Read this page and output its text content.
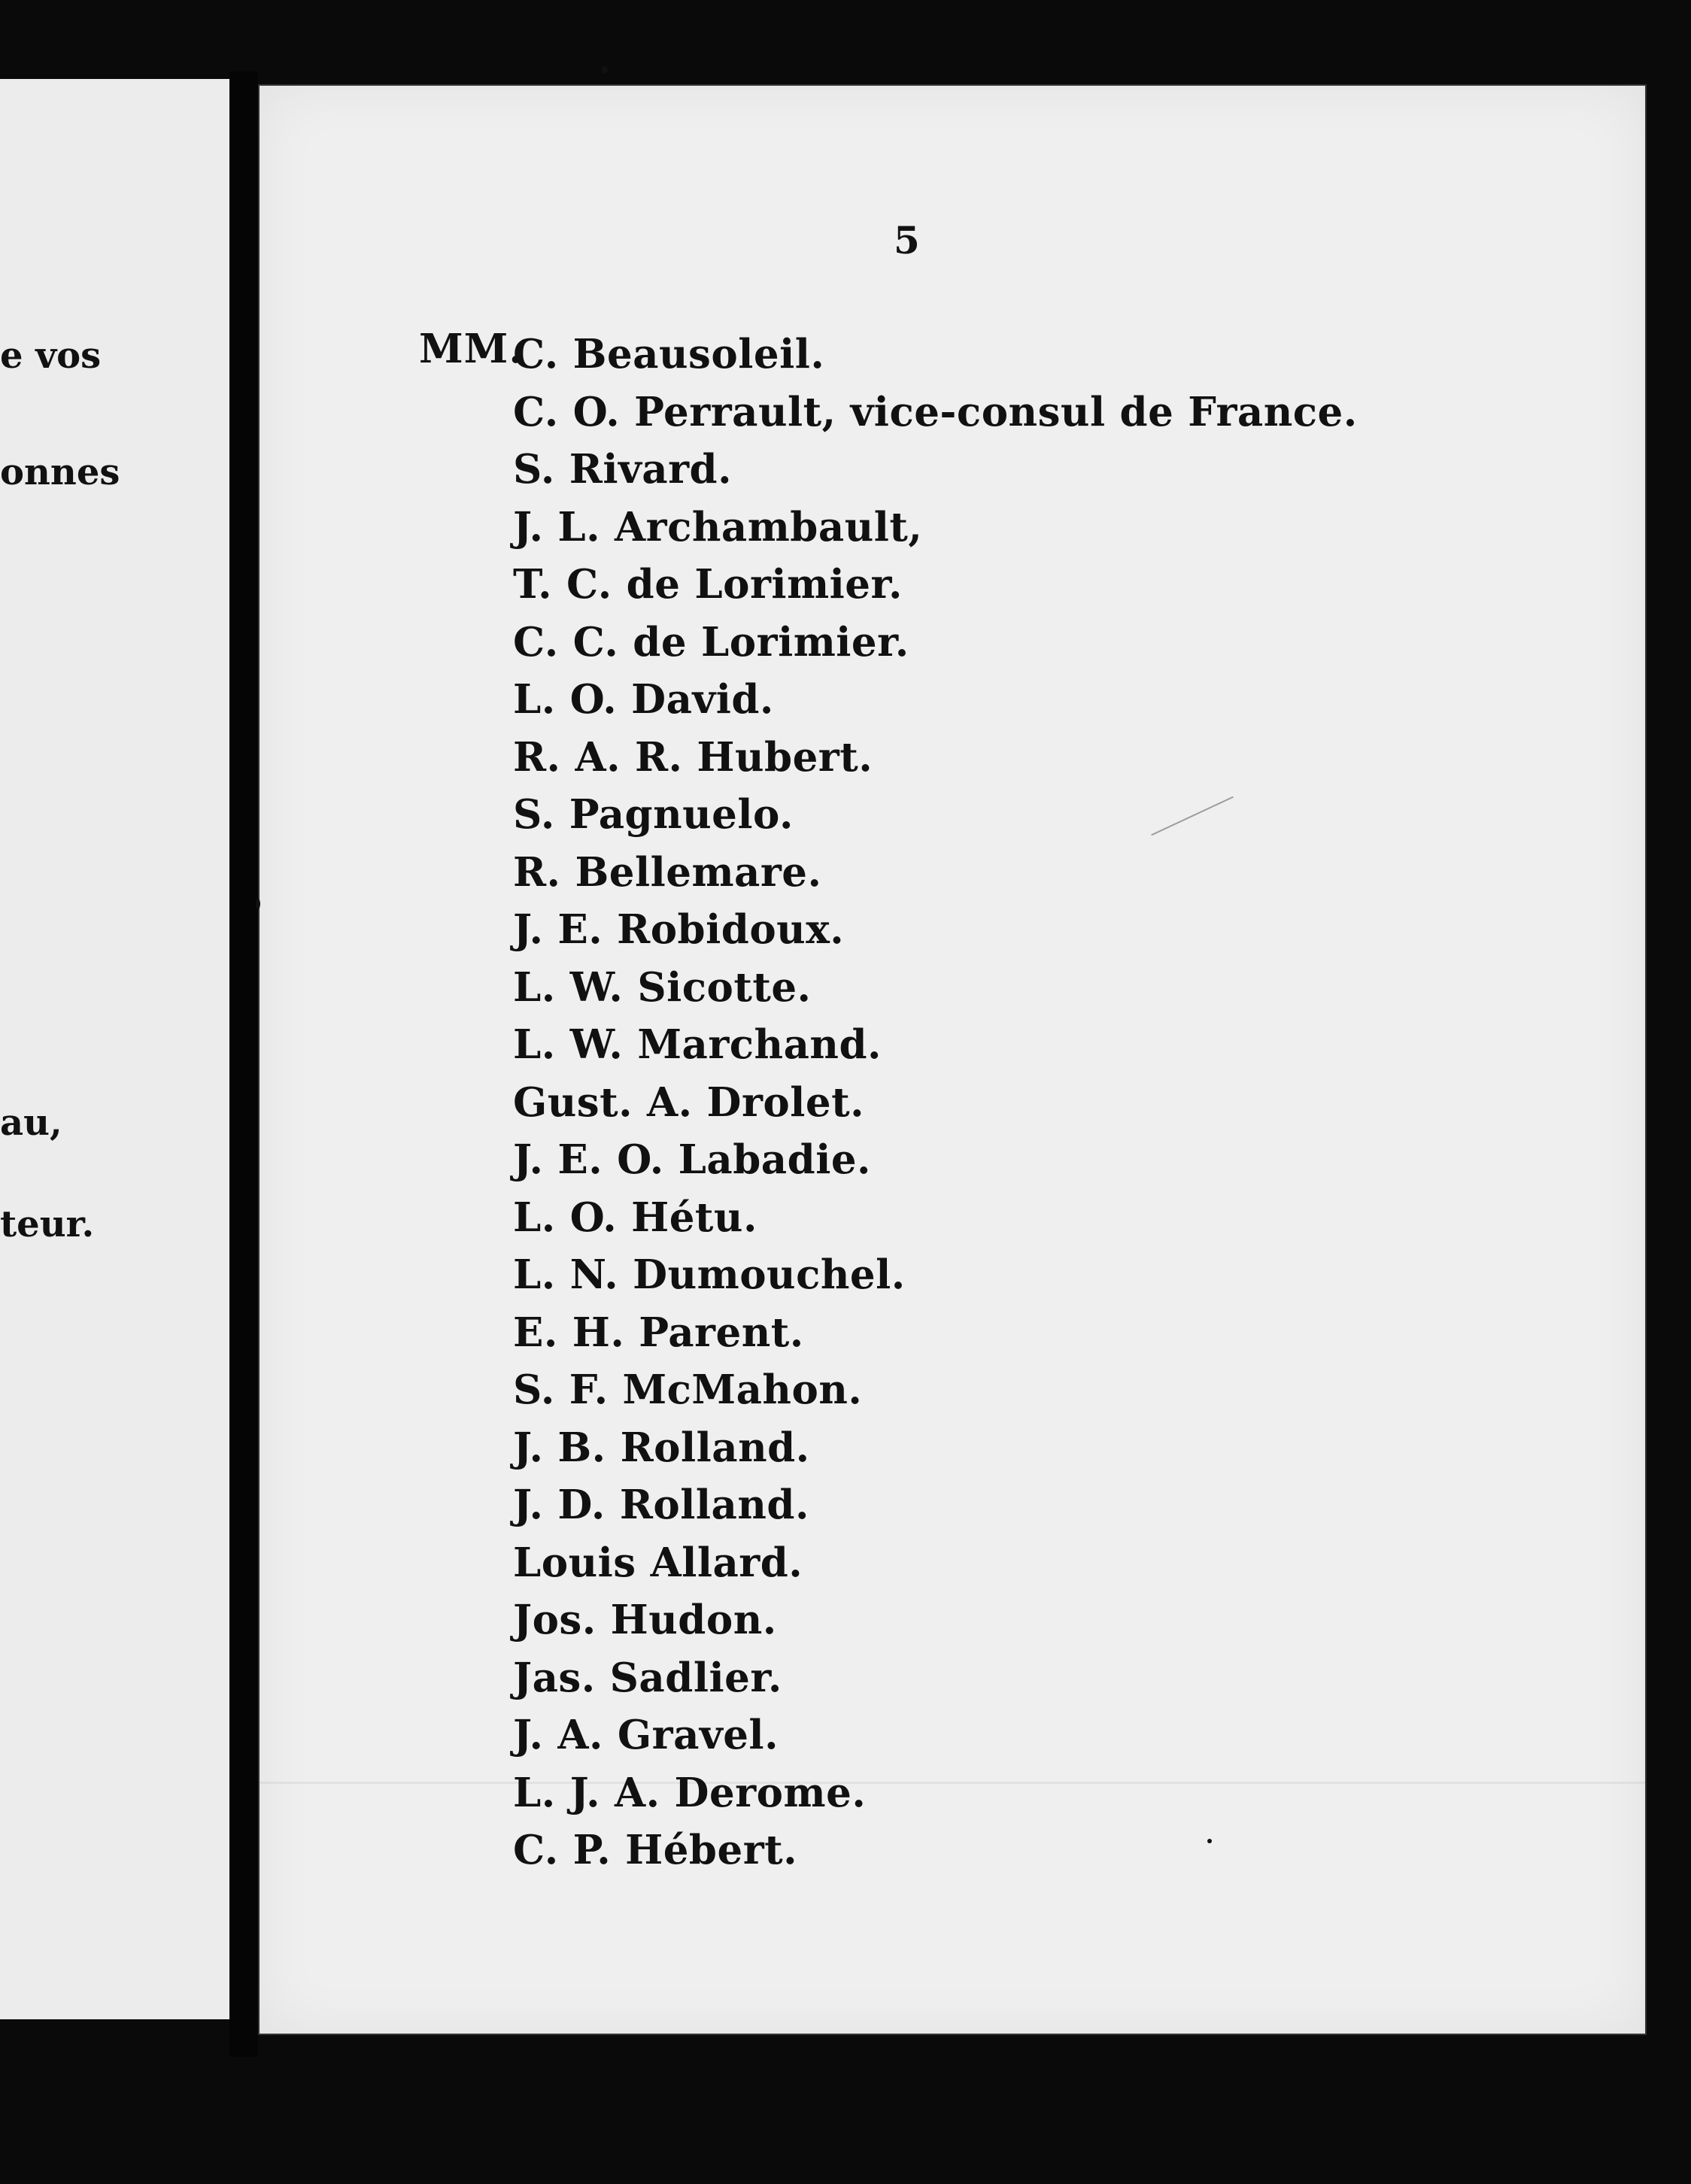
e vos
onnes
au,
teur.
5
MM.
C. Beausoleil.
C. O. Perrault, vice-consul de France.
S. Rivard.
J. L. Archambault,
T. C. de Lorimier.
C. C. de Lorimier.
L. O. David.
R. A. R. Hubert.
S. Pagnuelo.
R. Bellemare.
J. E. Robidoux.
L. W. Sicotte.
L. W. Marchand.
Gust. A. Drolet.
J. E. O. Labadie.
L. O. Hétu.
L. N. Dumouchel.
E. H. Parent.
S. F. McMahon.
J. B. Rolland.
J. D. Rolland.
Louis Allard.
Jos. Hudon.
Jas. Sadlier.
J. A. Gravel.
L. J. A. Derome.
C. P. Hébert.
